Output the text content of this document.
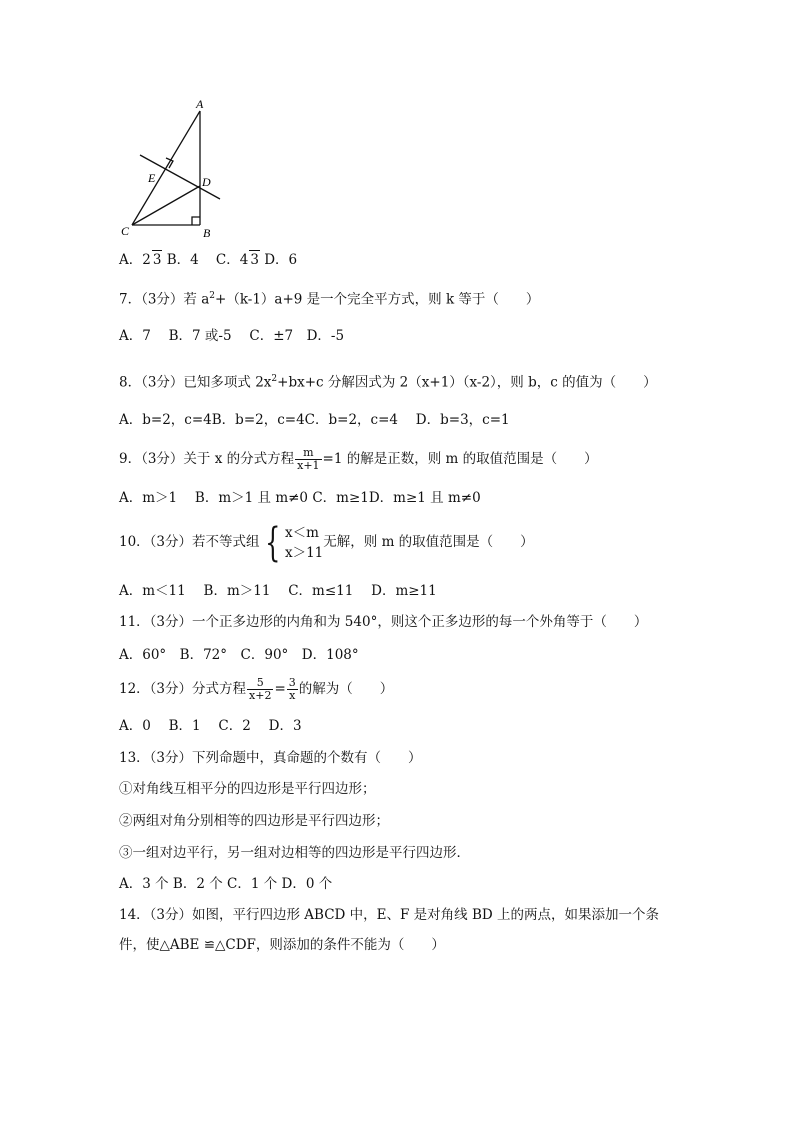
A
B
C
D
E
A．2 3 B．4 C．4 3 D．6
7．（3分）若 $a^2+(k-1)a+9$ 是一个完全平方式，则 k 等于（　　）
A．7　 B．7 或-5　 C．±7　D．-5
8．（3分）已知多项式 $2x^2+bx+c$ 分解因式为 2（x+1）（x-2），则 b，c 的值为（　　）
A．b=2，c=4B．b=2，c=4C．b=2，c=4　 D．b=3，c=1
9．（3分）关于 x 的分式方程 $\frac{m}{x+1} =1$ 的解是正数，则 m 的取值范围是（　　）
A．m＞1　 B．m＞1 且 m≠0 C．m≥1D．m≥1 且 m≠0
10．（3分）若不等式组 { x＜m
x＞11
无解，则 m 的取值范围是（　　）
A．m＜11　 B．m＞11　 C．m≤11　 D．m≥11
11．（3分）一个正多边形的内角和为 540°，则这个正多边形的每一个外角等于（　　）
A．60°　B．72°　C．90°　D．108°
12．（3分）分式方程 $\frac{5}{x+2} = \frac{3}{x}$ 的解为（　　）
A．0　 B．1　 C．2　 D．3
13．（3分）下列命题中，真命题的个数有（　　）
①对角线互相平分的四边形是平行四边形；
②两组对角分别相等的四边形是平行四边形；
③一组对边平行，另一组对边相等的四边形是平行四边形．
A．3 个 B．2 个 C．1 个 D．0 个
14．（3分）如图，平行四边形 ABCD 中，E、F 是对角线 BD 上的两点，如果添加一个条
件，使△ABE ≌△CDF，则添加的条件不能为（　　）
